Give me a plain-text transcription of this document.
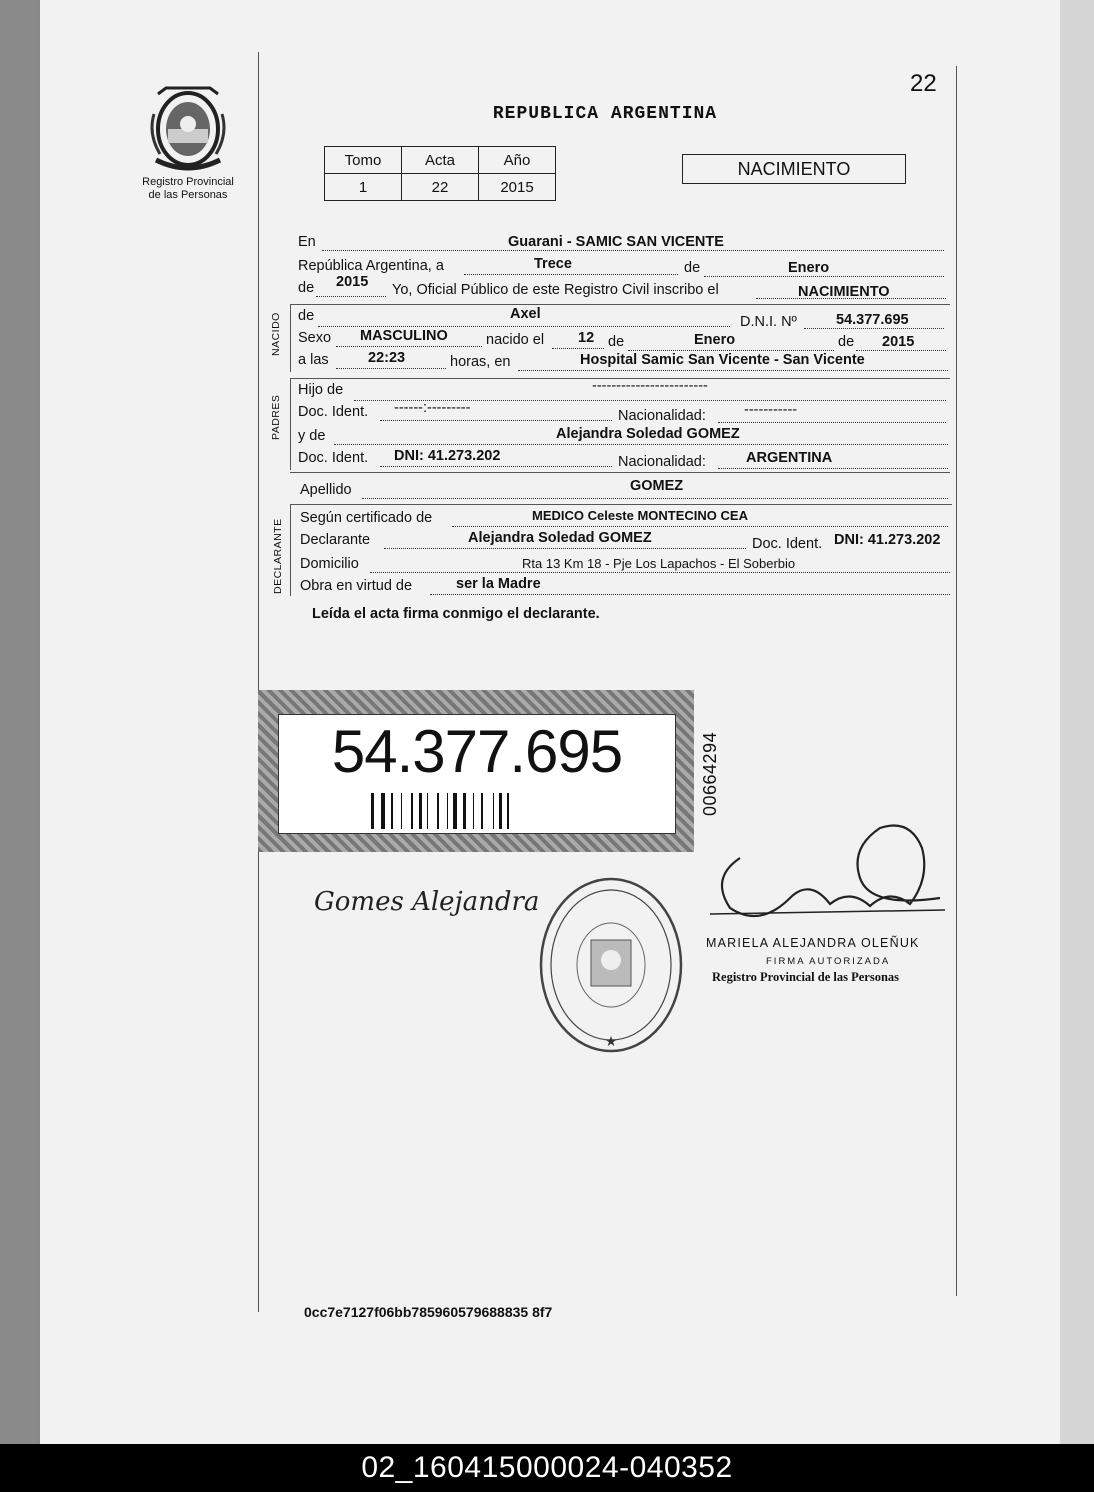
22
Registro Provincial
de las Personas
REPUBLICA ARGENTINA
Tomo	Acta	Año
1	22	2015
NACIMIENTO
En	Guarani - SAMIC SAN VICENTE
República Argentina, a	Trece	de	Enero
de 2015 Yo, Oficial Público de este Registro Civil inscribo el	NACIMIENTO
NACIDO de	Axel	D.N.I. Nº	54.377.695
Sexo MASCULINO	nacido el 12 de	Enero	de 2015
a las	22:23	horas, en	Hospital Samic San Vicente - San Vicente
PADRES
Hijo de	------------------------
Doc. Ident. ------:---------	Nacionalidad:	-----------
y de	Alejandra Soledad GOMEZ
Doc. Ident. DNI: 41.273.202	Nacionalidad:	ARGENTINA
Apellido	GOMEZ
DECLARANTE
Según certificado de	MEDICO Celeste MONTECINO CEA
Declarante	Alejandra Soledad GOMEZ	Doc. Ident. DNI: 41.273.202
Domicilio	Rta 13 Km 18 - Pje Los Lapachos - El Soberbio
Obra en virtud de	ser la Madre
Leída el acta firma conmigo el declarante.
54.377.695	00664294
Gomes Alejandra
★
MARIELA ALEJANDRA OLEÑUK
FIRMA AUTORIZADA
Registro Provincial de las Personas
0cc7e7127f06bb785960579688835 8f7
02_160415000024-040352
